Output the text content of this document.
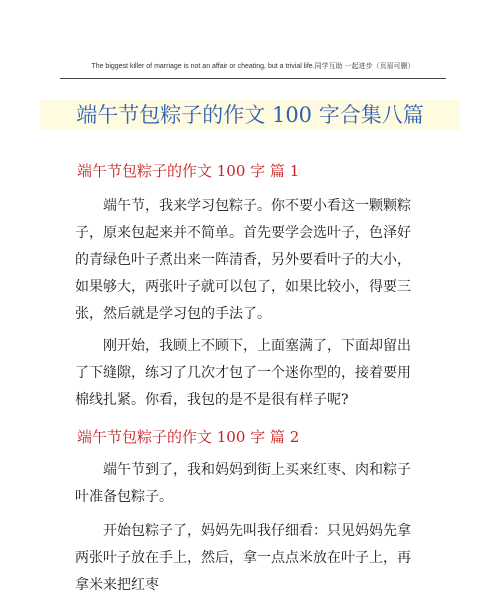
The biggest killer of marriage is not an affair or cheating, but a trivial life.同学互助 一起进步（页眉可删）
端午节包粽子的作文 100 字合集八篇
端午节包粽子的作文 100 字 篇 1

端午节，我来学习包粽子。你不要小看这一颗颗粽子，原来包起来并不简单。首先要学会选叶子，色泽好的青绿色叶子煮出来一阵清香，另外要看叶子的大小，如果够大，两张叶子就可以包了，如果比较小，得要三张，然后就是学习包的手法了。

刚开始，我顾上不顾下，上面塞满了，下面却留出了下缝隙，练习了几次才包了一个迷你型的，接着要用棉线扎紧。你看，我包的是不是很有样子呢?

端午节包粽子的作文 100 字 篇 2

端午节到了，我和妈妈到街上买来红枣、肉和粽子叶准备包粽子。

开始包粽子了，妈妈先叫我仔细看：只见妈妈先拿两张叶子放在手上，然后，拿一点点米放在叶子上，再拿米来把红枣
